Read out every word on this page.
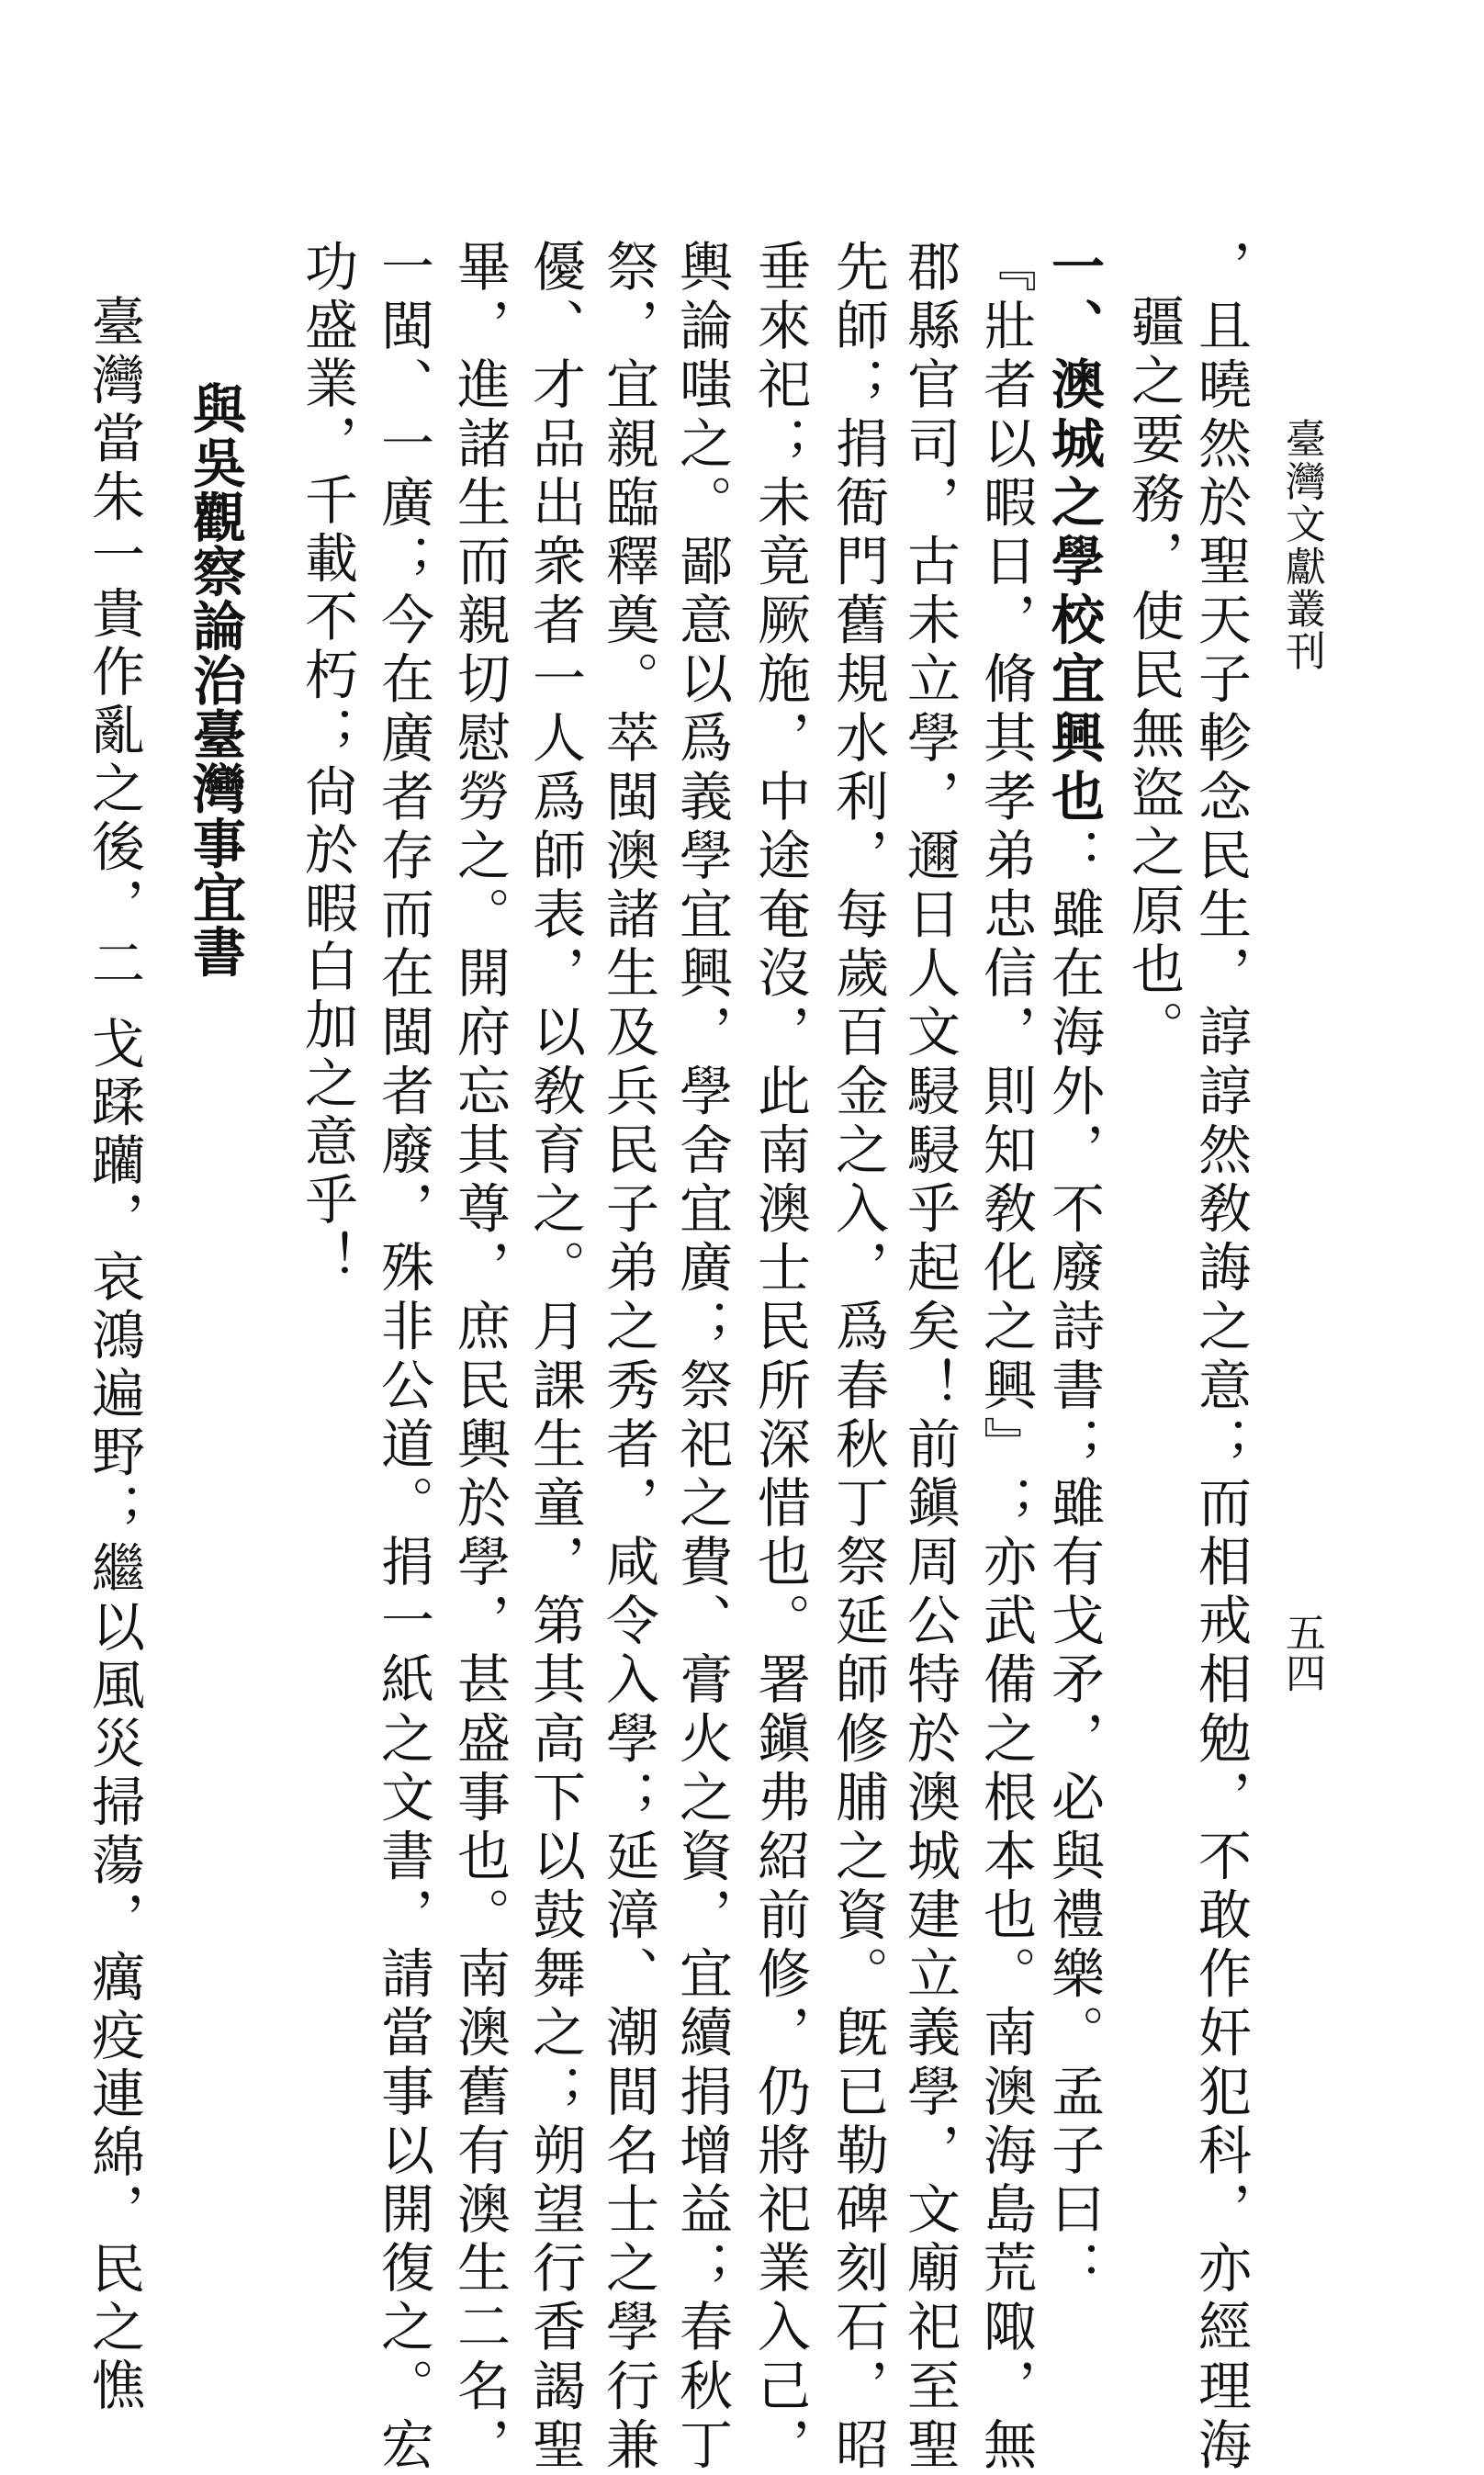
臺灣文獻叢刊
五四
，且曉然於聖天子軫念民生，諄諄然敎誨之意；而相戒相勉，不敢作奸犯科，亦經理海
疆之要務，使民無盜之原也。
一、澳城之學校宜興也：雖在海外，不廢詩書；雖有戈矛，必與禮樂。孟子曰：
『壯者以暇日，脩其孝弟忠信，則知敎化之興』；亦武備之根本也。南澳海島荒陬，無
郡縣官司，古未立學，邇日人文駸駸乎起矣！前鎭周公特於澳城建立義學，文廟祀至聖
先師；捐衙門舊規水利，每歲百金之入，爲春秋丁祭延師修脯之資。旣已勒碑刻石，昭
垂來祀；未竟厥施，中途奄沒，此南澳士民所深惜也。署鎭弗紹前修，仍將祀業入己，
輿論嗤之。鄙意以爲義學宜興，學舍宜廣；祭祀之費、膏火之資，宜續捐增益；春秋丁
祭，宜親臨釋奠。萃閩澳諸生及兵民子弟之秀者，咸令入學；延漳、潮間名士之學行兼
優、才品出衆者一人爲師表，以敎育之。月課生童，第其高下以鼓舞之；朔望行香謁聖
畢，進諸生而親切慰勞之。開府忘其尊，庶民輿於學，甚盛事也。南澳舊有澳生二名，
一閩、一廣；今在廣者存而在閩者廢，殊非公道。捐一紙之文書，請當事以開復之。宏
功盛業，千載不朽；尙於暇白加之意乎！
與吳觀察論治臺灣事宜書
臺灣當朱一貴作亂之後，二 戈蹂躪，哀鴻遍野；繼以風災掃蕩，癘疫連綿，民之憔
